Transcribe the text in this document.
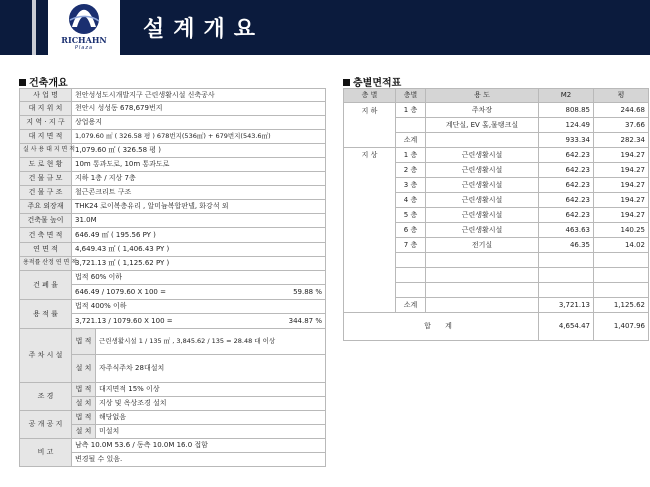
RICHAHN
Plaza
설계개요
건축개요
사 업 명	천안성성도시개발지구 근린생활시설 신축공사	
대 지 위 치	천안시 성성동 678,679번지	
지 역 · 지 구	상업용지	
대 지 면 적	1,079.60 ㎡ ( 326.58 평 ) 678번지(536㎡) + 679번지(543.6㎡)	
실 사 용 대 지 면 적	1,079.60 ㎡ ( 326.58 평 )	
도 로 현 황	10m 통과도로, 10m 통과도로	
건 물 규 모	지하 1층 / 지상 7층	
건 물 구 조	철근콘크리트 구조	
주요 외장재	THK24 로이복층유리 , 알미늄복합판넬, 화강석 외	
건축물 높이	31.0M	
건 축 면 적	646.49 ㎡ ( 195.56 PY )	
연 면 적	4,649.43 ㎡ ( 1,406.43 PY )	
용적률 산정 연 면 적	3,721.13 ㎡ ( 1,125.62 PY )	
건 폐 율	법적 60% 이하	

	646.49 / 1079.60 X 100 = 59.88 %	

용 적 률	법적 400% 이하	

	3,721.13 / 1079.60 X 100 = 344.87 %	

주 차 시 설	법 적	근린생활시설 1 / 135 ㎡ , 3,845.62 / 135 = 28.48 대 이상
	설 치	자주식주차 28대설치
조 경	법 적	대지면적 15% 이상
	설 치	지상 및 옥상조경 설치
공 개 공 지	법 적	해당없음
	설 치	미설치
비 고	남측 10.0M 53.6 / 동측 10.0M 16.0 접함	
	변경될 수 있음.	
층별면적표
층 별	층별	용 도	M2	평
지 하	1 층	주차장	808.85	244.68
		계단실, EV 홀,물탱크실	124.49	37.66
	소계		933.34	282.34
지 상	1 층	근린생활시설	642.23	194.27
	2 층	근린생활시설	642.23	194.27
	3 층	근린생활시설	642.23	194.27
	4 층	근린생활시설	642.23	194.27
	5 층	근린생활시설	642.23	194.27
	6 층	근린생활시설	463.63	140.25
	7 층	전기실	46.35	14.02

	소계		3,721.13	1,125.62
합 계			4,654.47	1,407.96
